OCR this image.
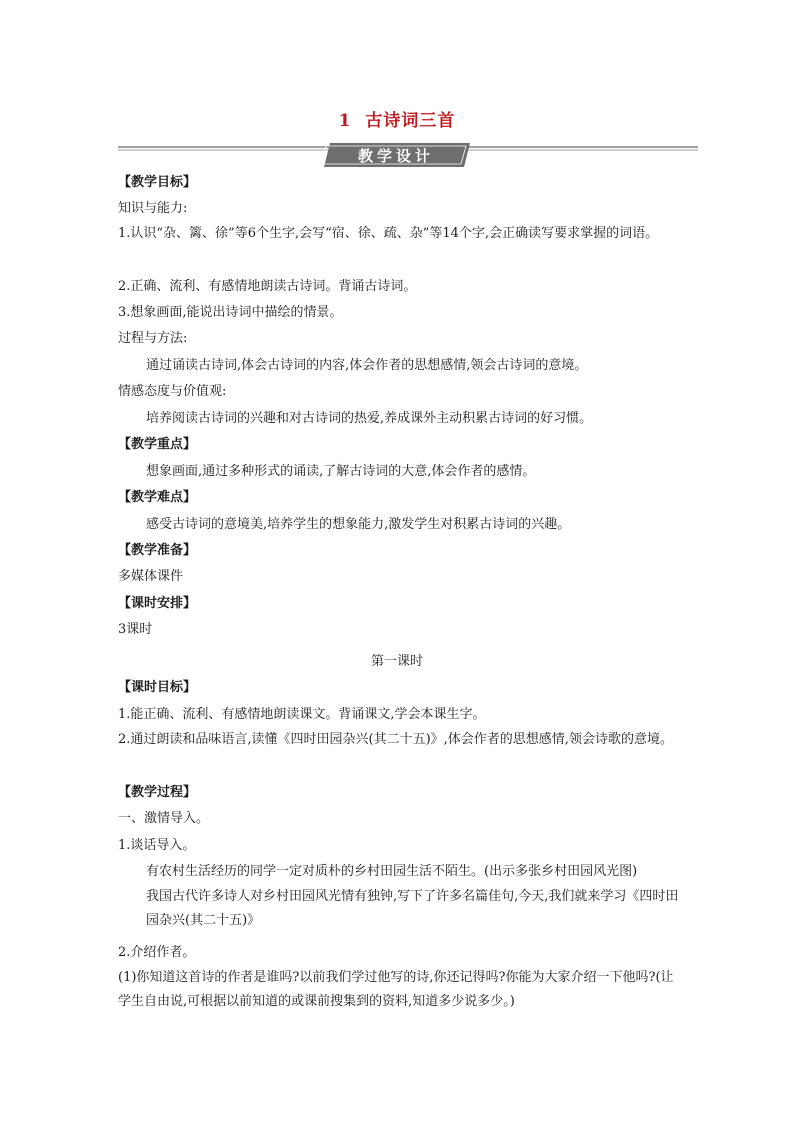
1 古诗词三首
教学设计
【教学目标】
知识与能力:
1.认识“杂、篱、徐”等6个生字,会写“宿、徐、疏、杂”等14个字,会正确读写要求掌握的词语。
2.正确、流利、有感情地朗读古诗词。背诵古诗词。
3.想象画面,能说出诗词中描绘的情景。
过程与方法:
通过诵读古诗词,体会古诗词的内容,体会作者的思想感情,领会古诗词的意境。
情感态度与价值观:
培养阅读古诗词的兴趣和对古诗词的热爱,养成课外主动积累古诗词的好习惯。
【教学重点】
想象画面,通过多种形式的诵读,了解古诗词的大意,体会作者的感情。
【教学难点】
感受古诗词的意境美,培养学生的想象能力,激发学生对积累古诗词的兴趣。
【教学准备】
多媒体课件
【课时安排】
3课时
第一课时
【课时目标】
1.能正确、流利、有感情地朗读课文。背诵课文,学会本课生字。
2.通过朗读和品味语言,读懂《四时田园杂兴(其二十五)》,体会作者的思想感情,领会诗歌的意境。
【教学过程】
一、激情导入。
1.谈话导入。
有农村生活经历的同学一定对质朴的乡村田园生活不陌生。(出示多张乡村田园风光图)
我国古代许多诗人对乡村田园风光情有独钟,写下了许多名篇佳句,今天,我们就来学习《四时田园杂兴(其二十五)》
2.介绍作者。
(1)你知道这首诗的作者是谁吗?以前我们学过他写的诗,你还记得吗?你能为大家介绍一下他吗?(让学生自由说,可根据以前知道的或课前搜集到的资料,知道多少说多少。)
